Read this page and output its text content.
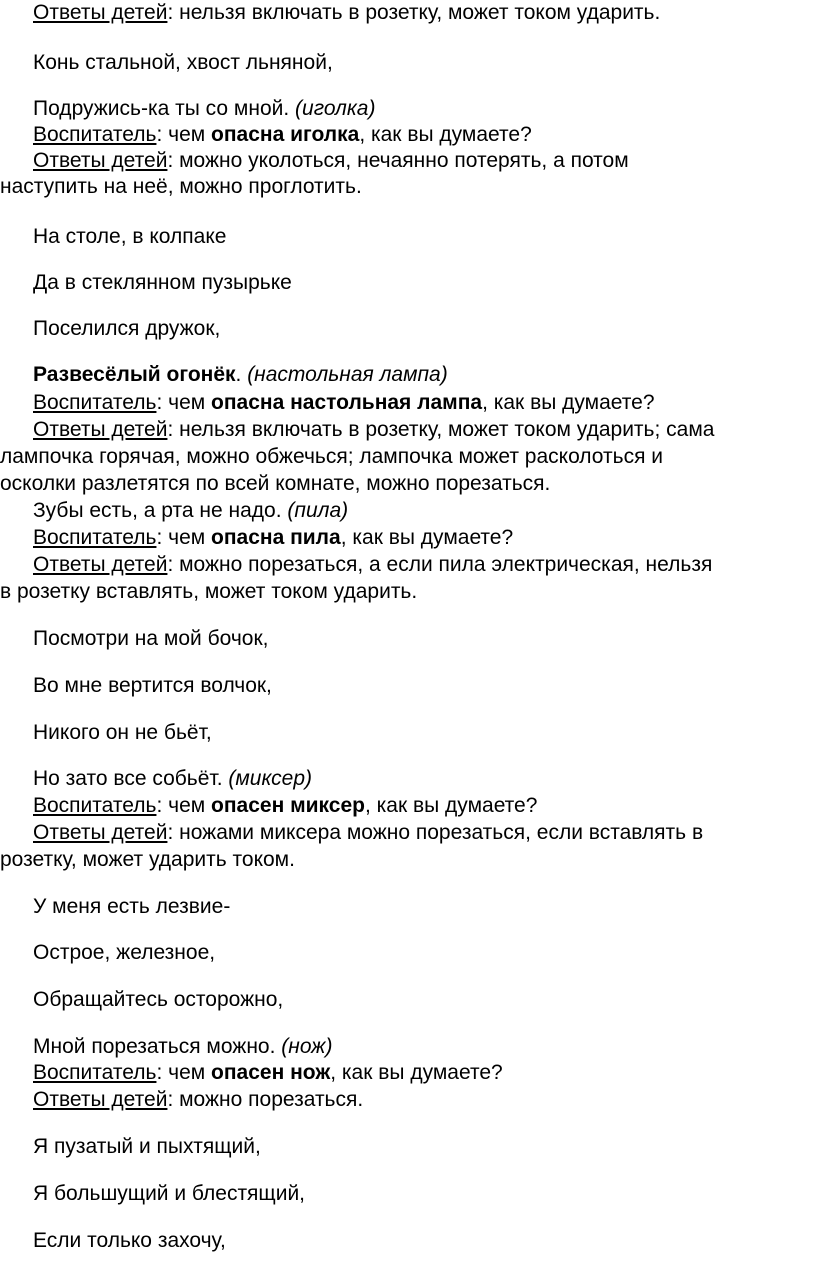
Ответы детей: нельзя включать в розетку, может током ударить.
Конь стальной, хвост льняной,
Подружись-ка ты со мной. (иголка)
Воспитатель: чем опасна иголка, как вы думаете?
Ответы детей: можно уколоться, нечаянно потерять, а потом
наступить на неё, можно проглотить.
На столе, в колпаке
Да в стеклянном пузырьке
Поселился дружок,
Развесёлый огонёк. (настольная лампа)
Воспитатель: чем опасна настольная лампа, как вы думаете?
Ответы детей: нельзя включать в розетку, может током ударить; сама
лампочка горячая, можно обжечься; лампочка может расколоться и
осколки разлетятся по всей комнате, можно порезаться.
Зубы есть, а рта не надо. (пила)
Воспитатель: чем опасна пила, как вы думаете?
Ответы детей: можно порезаться, а если пила электрическая, нельзя
в розетку вставлять, может током ударить.
Посмотри на мой бочок,
Во мне вертится волчок,
Никого он не бьёт,
Но зато все собьёт. (миксер)
Воспитатель: чем опасен миксер, как вы думаете?
Ответы детей: ножами миксера можно порезаться, если вставлять в
розетку, может ударить током.
У меня есть лезвие-
Острое, железное,
Обращайтесь осторожно,
Мной порезаться можно. (нож)
Воспитатель: чем опасен нож, как вы думаете?
Ответы детей: можно порезаться.
Я пузатый и пыхтящий,
Я большущий и блестящий,
Если только захочу,
